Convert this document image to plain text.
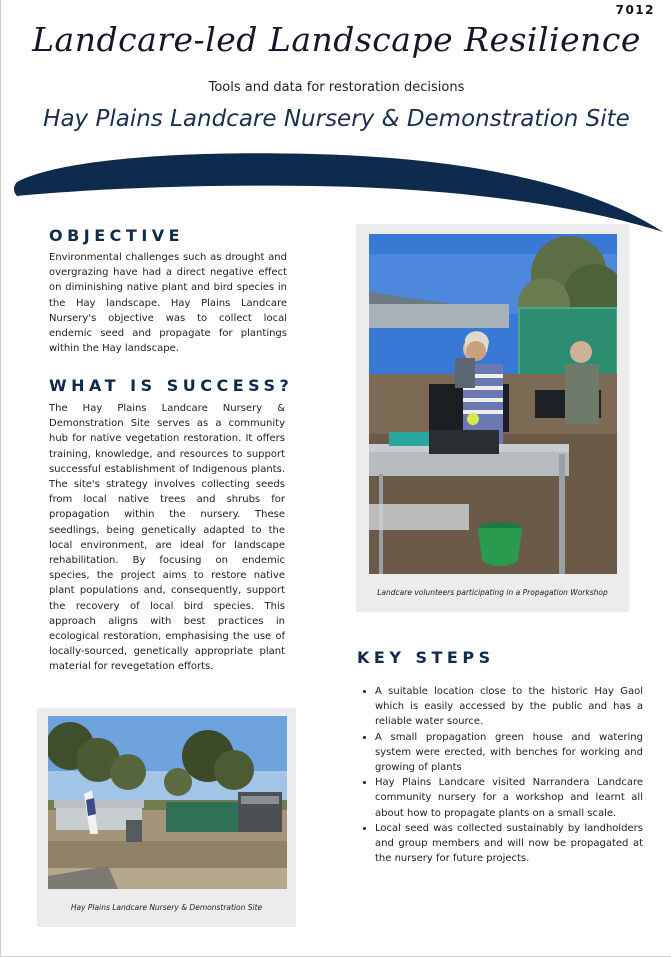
7012
Landcare-led Landscape Resilience
Tools and data for restoration decisions
Hay Plains Landcare Nursery & Demonstration Site
OBJECTIVE

Environmental challenges such as drought and overgrazing have had a direct negative effect on diminishing native plant and bird species in the Hay landscape. Hay Plains Landcare Nursery's objective was to collect local endemic seed and propagate for plantings within the Hay landscape.

WHAT IS SUCCESS?

The Hay Plains Landcare Nursery & Demonstration Site serves as a community hub for native vegetation restoration. It offers training, knowledge, and resources to support successful establishment of Indigenous plants. The site's strategy involves collecting seeds from local native trees and shrubs for propagation within the nursery. These seedlings, being genetically adapted to the local environment, are ideal for landscape rehabilitation. By focusing on endemic species, the project aims to restore native plant populations and, consequently, support the recovery of local bird species. This approach aligns with best practices in ecological restoration, emphasising the use of locally-sourced, genetically appropriate plant material for revegetation efforts.

Landcare volunteers participating in a Propagation Workshop
KEY STEPS
• A suitable location close to the historic Hay Gaol which is easily accessed by the public and has a reliable water source.
• A small propagation green house and watering system were erected, with benches for working and growing of plants
• Hay Plains Landcare visited Narrandera Landcare community nursery for a workshop and learnt all about how to propagate plants on a small scale.
• Local seed was collected sustainably by landholders and group members and will now be propagated at the nursery for future projects.
Hay Plains Landcare Nursery & Demonstration Site
